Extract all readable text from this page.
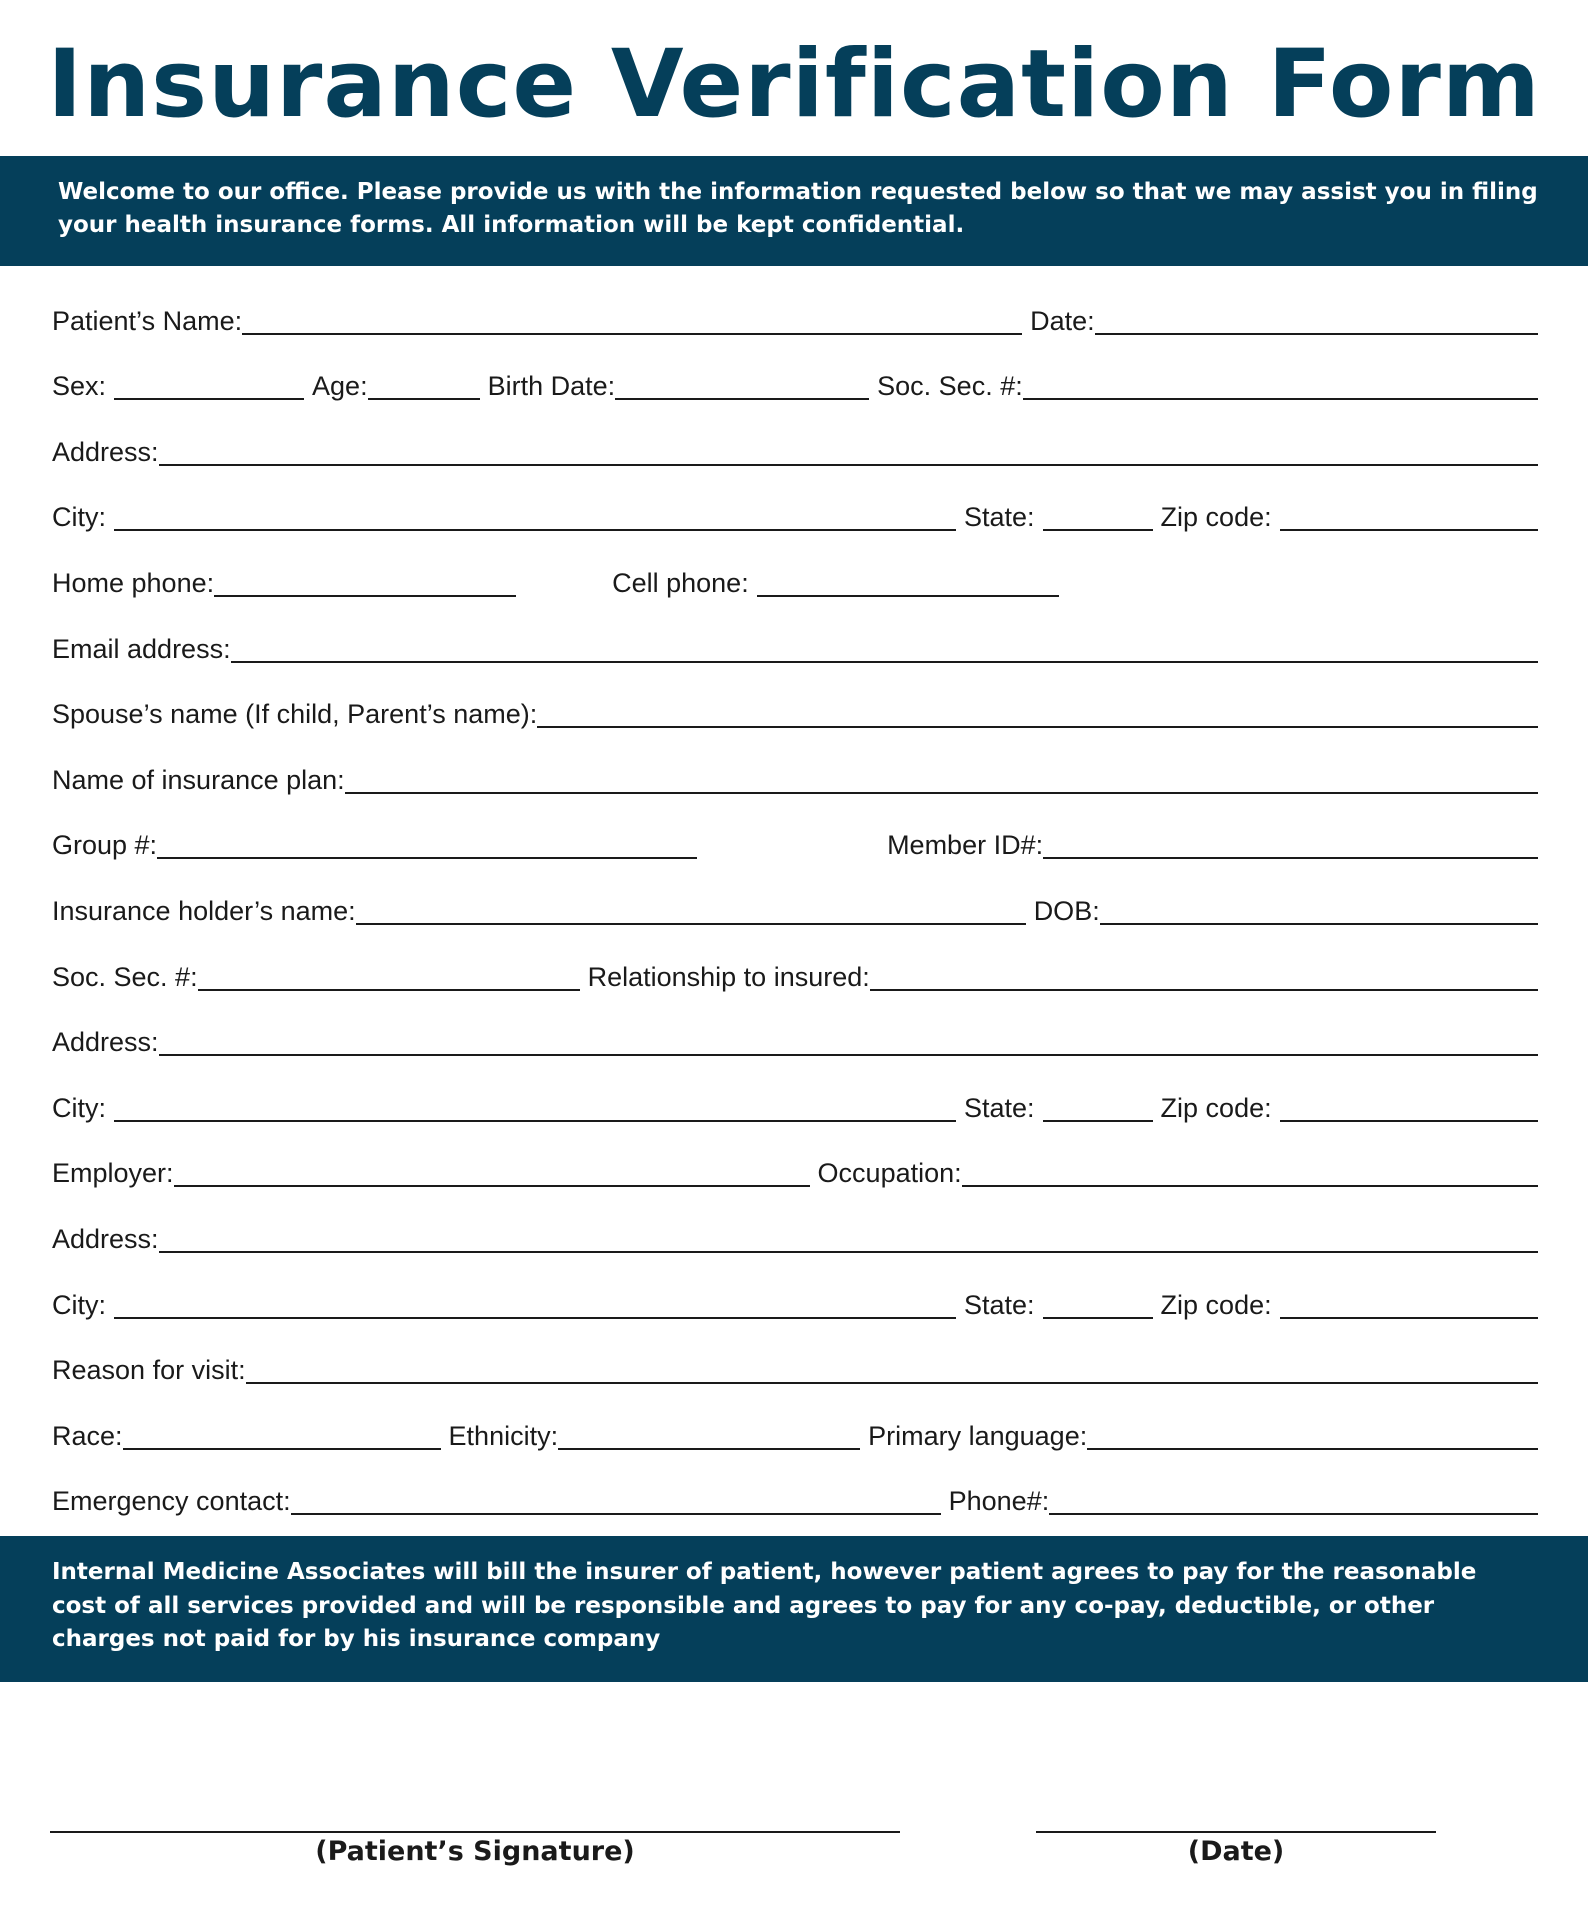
Insurance Verification Form
Welcome to our office. Please provide us with the information requested below so that we may assist you in filing your health insurance forms. All information will be kept confidential.
Patient’s Name:	Date:
Sex:	Age:	Birth Date:	Soc. Sec. #:
Address:
City:	State:	Zip code:
Home phone:	Cell phone:
Email address:
Spouse’s name (If child, Parent’s name):
Name of insurance plan:
Group #:	Member ID#:
Insurance holder’s name:	DOB:
Soc. Sec. #:	Relationship to insured:
Address:
City:	State:	Zip code:
Employer:	Occupation:
Address:
City:	State:	Zip code:
Reason for visit:
Race:	Ethnicity:	Primary language:
Emergency contact:	Phone#:
Internal Medicine Associates will bill the insurer of patient, however patient agrees to pay for the reasonable cost of all services provided and will be responsible and agrees to pay for any co-pay, deductible, or other charges not paid for by his insurance company
(Patient’s Signature)	(Date)
